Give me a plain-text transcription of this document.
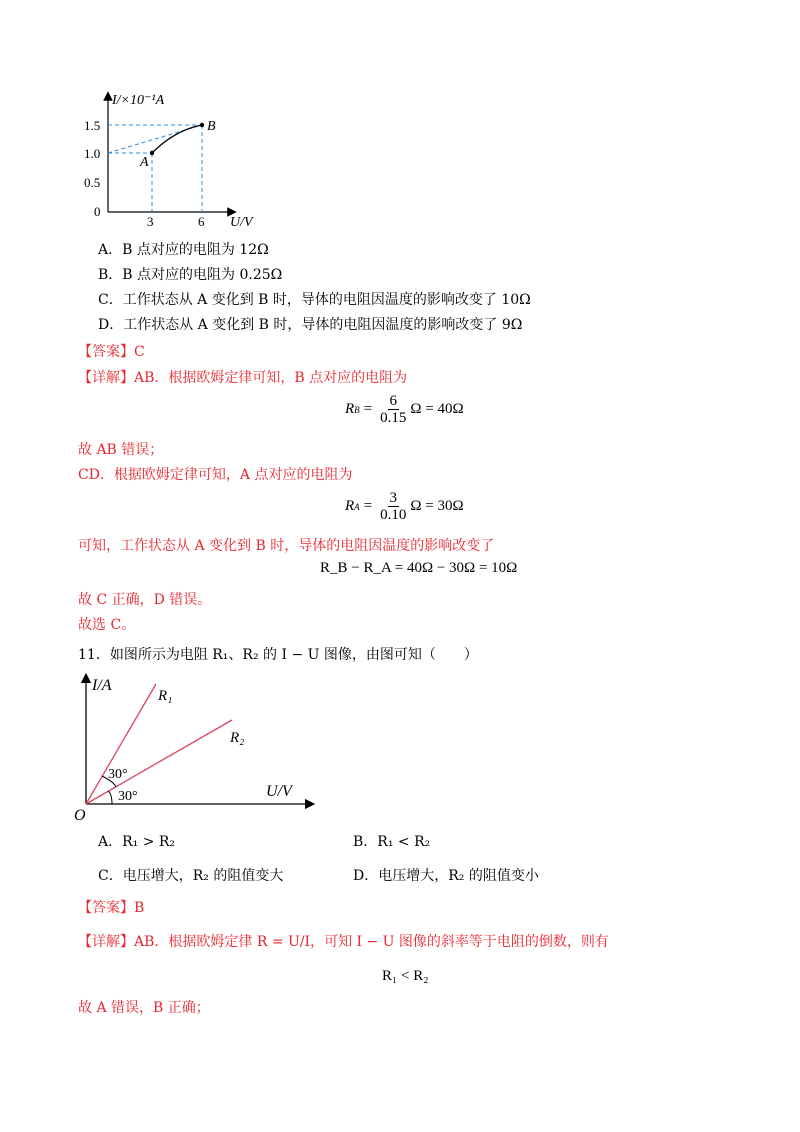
I/×10⁻¹A
U/V
1.5
1.0
0.5
0
3	6
A
B
A．B 点对应的电阻为 12Ω
B．B 点对应的电阻为 0.25Ω
C．工作状态从 A 变化到 B 时，导体的电阻因温度的影响改变了 10Ω
D．工作状态从 A 变化到 B 时，导体的电阻因温度的影响改变了 9Ω
【答案】C
【详解】AB．根据欧姆定律可知，B 点对应的电阻为
R $B = \frac{6}{0.15}$ Ω = 40Ω
故 AB 错误；
CD．根据欧姆定律可知，A 点对应的电阻为
R $A = \frac{3}{0.10}$ Ω = 30Ω
可知，工作状态从 A 变化到 B 时，导体的电阻因温度的影响改变了
R_B − R_A = 40Ω − 30Ω = 10Ω
故 C 正确，D 错误。
故选 C。
11．如图所示为电阻 R₁、R₂ 的 I − U 图像，由图可知（　　）
I/A
U/V
O
R₁
R₂
30°
30°
A．R₁ > R₂	B．R₁ < R₂
C．电压增大，R₂ 的阻值变大	D．电压增大，R₂ 的阻值变小
【答案】B
【详解】AB．根据欧姆定律 R = U/I，可知 I − U 图像的斜率等于电阻的倒数，则有
R₁ < R₂
故 A 错误，B 正确；
